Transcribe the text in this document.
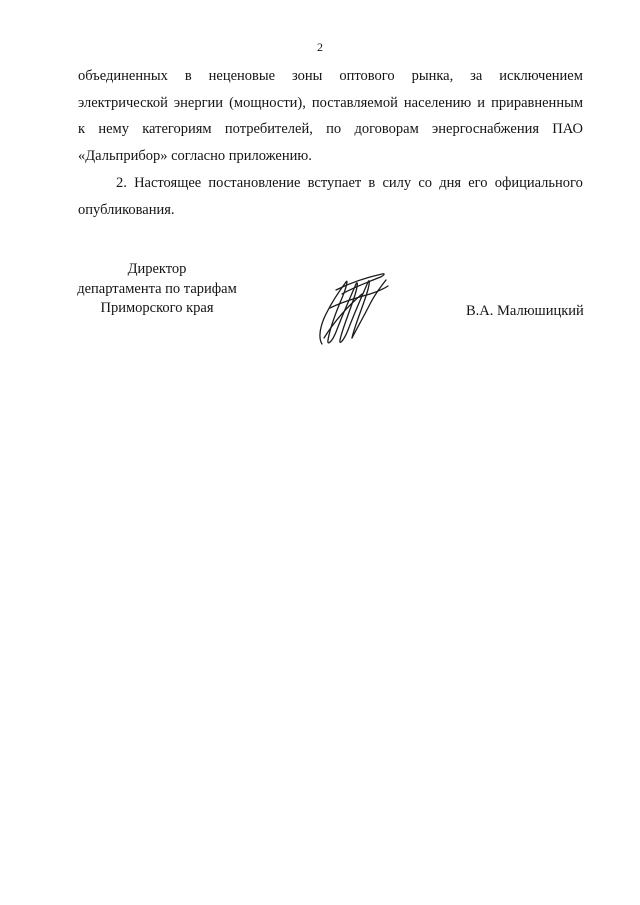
2
объединенных в неценовые зоны оптового рынка, за исключением
электрической энергии (мощности), поставляемой населению и приравненным
к нему категориям потребителей, по договорам энергоснабжения ПАО
«Дальприбор» согласно приложению.
2. Настоящее постановление вступает в силу со дня его официального
опубликования.
Директор
департамента по тарифам
Приморского края	В.А. Малюшицкий
